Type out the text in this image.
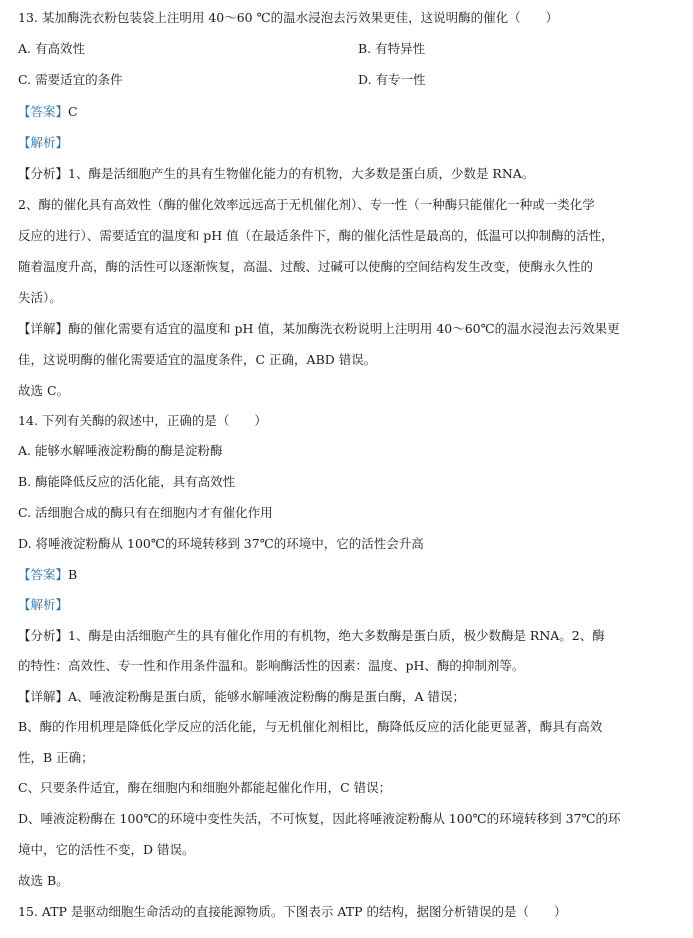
13. 某加酶洗衣粉包装袋上注明用 40～60 ℃的温水浸泡去污效果更佳，这说明酶的催化（　　）
A. 有高效性	B. 有特异性
C. 需要适宜的条件	D. 有专一性
【答案】C
【解析】
【分析】1、酶是活细胞产生的具有生物催化能力的有机物，大多数是蛋白质，少数是 RNA。
2、酶的催化具有高效性（酶的催化效率远远高于无机催化剂）、专一性（一种酶只能催化一种或一类化学
反应的进行）、需要适宜的温度和 pH 值（在最适条件下，酶的催化活性是最高的，低温可以抑制酶的活性，
随着温度升高，酶的活性可以逐渐恢复，高温、过酸、过碱可以使酶的空间结构发生改变，使酶永久性的
失活）。
【详解】酶的催化需要有适宜的温度和 pH 值，某加酶洗衣粉说明上注明用 40～60℃的温水浸泡去污效果更
佳，这说明酶的催化需要适宜的温度条件，C 正确，ABD 错误。
故选 C。
14. 下列有关酶的叙述中，正确的是（　　）
A. 能够水解唾液淀粉酶的酶是淀粉酶
B. 酶能降低反应的活化能，具有高效性
C. 活细胞合成的酶只有在细胞内才有催化作用
D. 将唾液淀粉酶从 100℃的环境转移到 37℃的环境中，它的活性会升高
【答案】B
【解析】
【分析】1、酶是由活细胞产生的具有催化作用的有机物，绝大多数酶是蛋白质，极少数酶是 RNA。2、酶
的特性：高效性、专一性和作用条件温和。影响酶活性的因素：温度、pH、酶的抑制剂等。
【详解】A、唾液淀粉酶是蛋白质，能够水解唾液淀粉酶的酶是蛋白酶，A 错误；
B、酶的作用机理是降低化学反应的活化能，与无机催化剂相比，酶降低反应的活化能更显著，酶具有高效
性，B 正确；
C、只要条件适宜，酶在细胞内和细胞外都能起催化作用，C 错误；
D、唾液淀粉酶在 100℃的环境中变性失活，不可恢复，因此将唾液淀粉酶从 100℃的环境转移到 37℃的环
境中，它的活性不变，D 错误。
故选 B。
15. ATP 是驱动细胞生命活动的直接能源物质。下图表示 ATP 的结构，据图分析错误的是（　　）
